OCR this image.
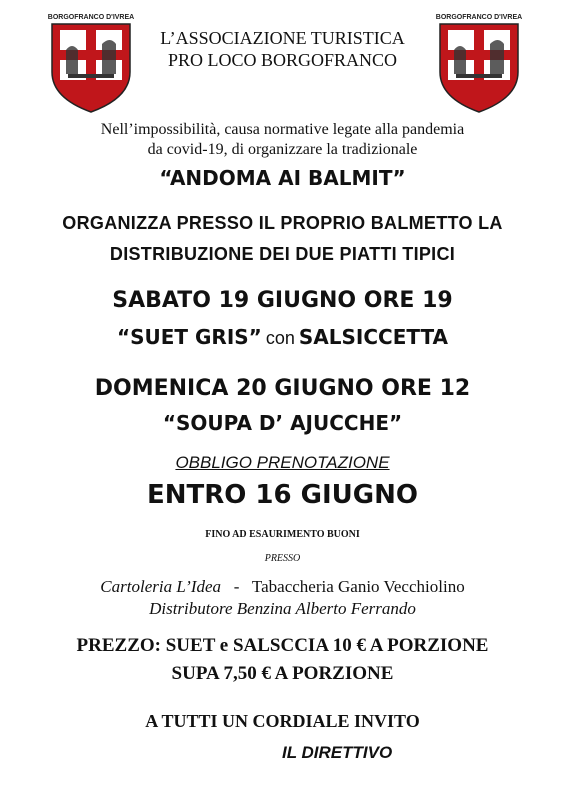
BORGOFRANCO D'IVREA
PRO LOCO
BORGOFRANCO D'IVREA
PRO LOCO
L’ASSOCIAZIONE TURISTICA
PRO LOCO BORGOFRANCO
Nell’impossibilità, causa normative legate alla pandemia
da covid-19, di organizzare la tradizionale
“ANDOMA AI BALMIT”
ORGANIZZA PRESSO IL PROPRIO BALMETTO LA
DISTRIBUZIONE DEI DUE PIATTI TIPICI
SABATO 19 GIUGNO ORE 19
“SUET GRIS” con SALSICCETTA
DOMENICA 20 GIUGNO ORE 12
“SOUPA D’ AJUCCHE”
OBBLIGO PRENOTAZIONE
ENTRO 16 GIUGNO
FINO AD ESAURIMENTO BUONI
PRESSO
Cartoleria L’Idea - Tabaccheria Ganio Vecchiolino
Distributore Benzina Alberto Ferrando
PREZZO: SUET e SALSCCIA 10 € A PORZIONE
SUPA 7,50 € A PORZIONE
A TUTTI UN CORDIALE INVITO
IL DIRETTIVO
